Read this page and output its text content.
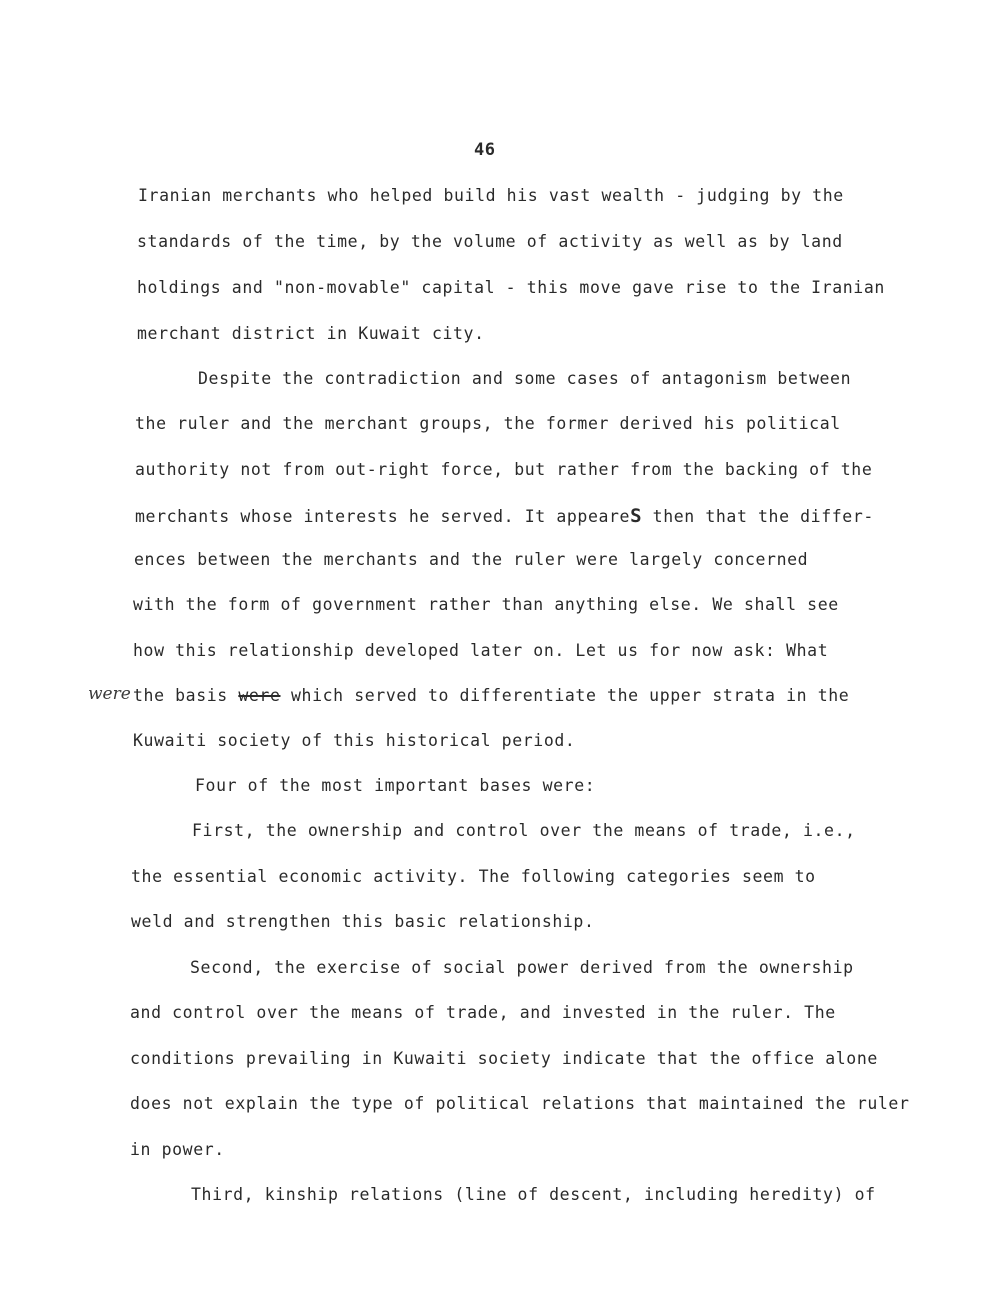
46
Iranian merchants who helped build his vast wealth - judging by the
standards of the time, by the volume of activity as well as by land
holdings and "non-movable" capital - this move gave rise to the Iranian
merchant district in Kuwait city.
Despite the contradiction and some cases of antagonism between
the ruler and the merchant groups, the former derived his political
authority not from out-right force, but rather from the backing of the
merchants whose interests he served. It appeareS then that the differ-
ences between the merchants and the ruler were largely concerned
with the form of government rather than anything else. We shall see
how this relationship developed later on. Let us for now ask: What
were the basis were which served to differentiate the upper strata in the
Kuwaiti society of this historical period.
Four of the most important bases were:
First, the ownership and control over the means of trade, i.e.,
the essential economic activity. The following categories seem to
weld and strengthen this basic relationship.
Second, the exercise of social power derived from the ownership
and control over the means of trade, and invested in the ruler. The
conditions prevailing in Kuwaiti society indicate that the office alone
does not explain the type of political relations that maintained the ruler
in power.
Third, kinship relations (line of descent, including heredity) of
